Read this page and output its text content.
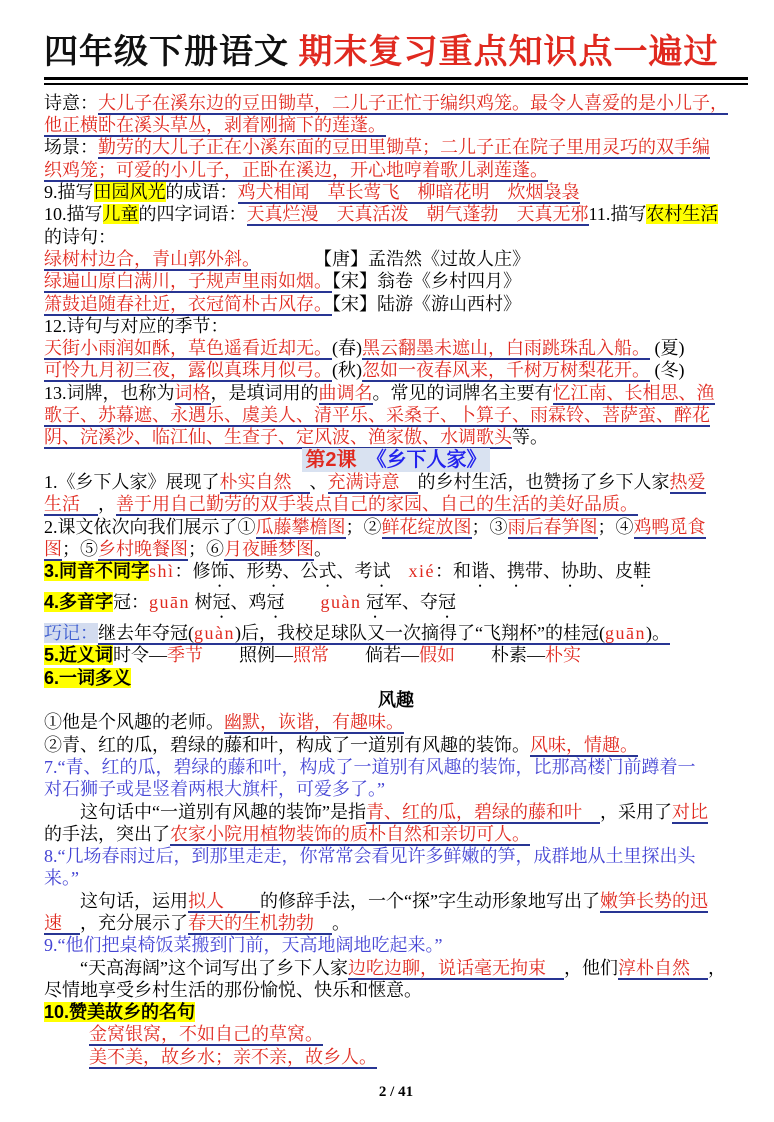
四年级下册语文 期末复习重点知识点一遍过
诗意：大儿子在溪东边的豆田锄草，二儿子正忙于编织鸡笼。最令人喜爱的是小儿子，
他正横卧在溪头草丛，剥着刚摘下的莲蓬。
场景：勤劳的大儿子正在小溪东面的豆田里锄草；二儿子正在院子里用灵巧的双手编
织鸡笼；可爱的小儿子，正卧在溪边，开心地哼着歌儿剥莲蓬。
9.描写田园风光的成语：鸡犬相闻　草长莺飞　柳暗花明　炊烟袅袅
10.描写儿童的四字词语：天真烂漫　天真活泼　朝气蓬勃　天真无邪11.描写农村生活
的诗句：
绿树村边合，青山郭外斜。　　　　【唐】孟浩然《过故人庄》
绿遍山原白满川，子规声里雨如烟。【宋】翁卷《乡村四月》
箫鼓追随春社近，衣冠简朴古风存。【宋】陆游《游山西村》
12.诗句与对应的季节：
天街小雨润如酥，草色遥看近却无。(春)黑云翻墨未遮山，白雨跳珠乱入船。 (夏)
可怜九月初三夜，露似真珠月似弓。(秋)忽如一夜春风来，千树万树梨花开。 (冬)
13.词牌，也称为词格，是填词用的曲调名。常见的词牌名主要有忆江南、长相思、渔
歌子、苏幕遮、永遇乐、虞美人、清平乐、采桑子、卜算子、雨霖铃、菩萨蛮、醉花
阴、浣溪沙、临江仙、生查子、定风波、渔家傲、水调歌头等。
第2课　《乡下人家》
1.《乡下人家》展现了朴实自然　、充满诗意　的乡村生活，也赞扬了乡下人家热爱
生活　，善于用自己勤劳的双手装点自己的家园、自己的生活的美好品质。
2.课文依次向我们展示了①瓜藤攀檐图；②鲜花绽放图；③雨后春笋图；④鸡鸭觅食
图；⑤乡村晚餐图；⑥月夜睡梦图。
3.同音不同字shì：修饰、形势、公式、考试　 xié：和谐、携带、协助、皮鞋
4.多音字冠：guān 树冠、鸡冠　　 guàn 冠军、夺冠
巧记：继去年夺冠(guàn)后，我校足球队又一次摘得了“飞翔杯”的桂冠(guān)。
5.近义词时令—季节　　照例—照常　　倘若—假如　　朴素—朴实
6.一词多义
风趣
①他是个风趣的老师。幽默，诙谐，有趣味。
②青、红的瓜，碧绿的藤和叶，构成了一道别有风趣的装饰。风味，情趣。
7.“青、红的瓜，碧绿的藤和叶，构成了一道别有风趣的装饰，比那高楼门前蹲着一
对石狮子或是竖着两根大旗杆，可爱多了。”
这句话中“一道别有风趣的装饰”是指青、红的瓜，碧绿的藤和叶　，采用了对比
的手法，突出了农家小院用植物装饰的质朴自然和亲切可人。
8.“几场春雨过后，到那里走走，你常常会看见许多鲜嫩的笋，成群地从土里探出头
来。”
这句话，运用拟人　　的修辞手法，一个“探”字生动形象地写出了嫩笋长势的迅
速　，充分展示了春天的生机勃勃　。
9.“他们把桌椅饭菜搬到门前，天高地阔地吃起来。”
“天高海阔”这个词写出了乡下人家边吃边聊，说话毫无拘束　，他们淳朴自然　，
尽情地享受乡村生活的那份愉悦、快乐和惬意。
10.赞美故乡的名句
金窝银窝，不如自己的草窝。
美不美，故乡水；亲不亲，故乡人。
2 / 41
